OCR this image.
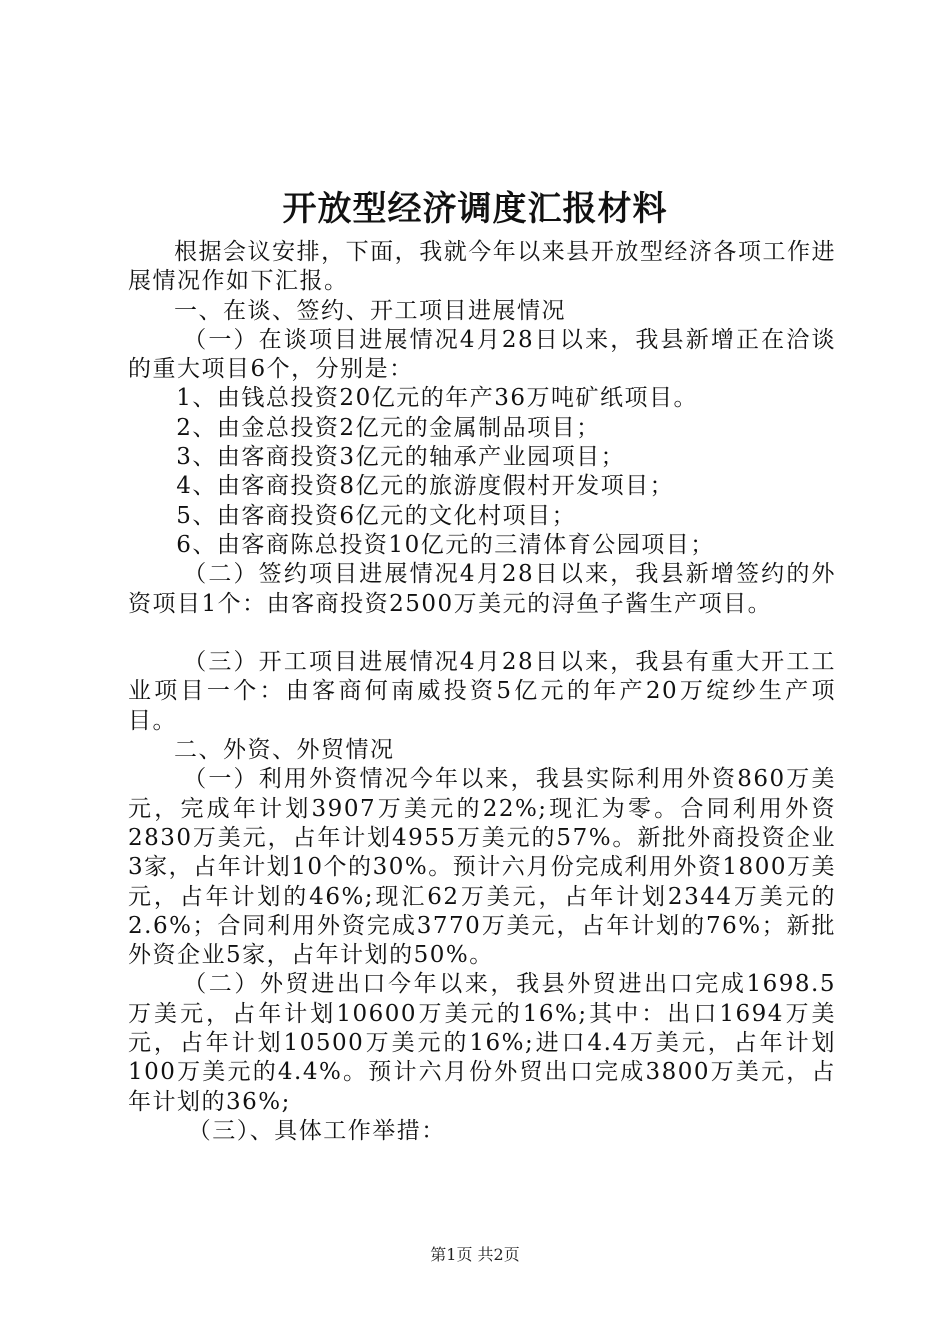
开放型经济调度汇报材料

根据会议安排，下面，我就今年以来县开放型经济各项工作进展情况作如下汇报。

一、在谈、签约、开工项目进展情况

（一）在谈项目进展情况4月28日以来，我县新增正在洽谈的重大项目6个，分别是：

1、由钱总投资20亿元的年产36万吨矿纸项目。

2、由金总投资2亿元的金属制品项目；

3、由客商投资3亿元的轴承产业园项目；

4、由客商投资8亿元的旅游度假村开发项目；

5、由客商投资6亿元的文化村项目；

6、由客商陈总投资10亿元的三清体育公园项目；

（二）签约项目进展情况4月28日以来，我县新增签约的外资项目1个：由客商投资2500万美元的浔鱼子酱生产项目。

（三）开工项目进展情况4月28日以来，我县有重大开工工业项目一个：由客商何南威投资5亿元的年产20万绽纱生产项目。

二、外资、外贸情况

（一）利用外资情况今年以来，我县实际利用外资860万美元，完成年计划3907万美元的22%;现汇为零。合同利用外资2830万美元，占年计划4955万美元的57%。新批外商投资企业3家，占年计划10个的30%。预计六月份完成利用外资1800万美元，占年计划的46%;现汇62万美元，占年计划2344万美元的2.6%；合同利用外资完成3770万美元，占年计划的76%；新批外资企业5家，占年计划的50%。

（二）外贸进出口今年以来，我县外贸进出口完成1698.5万美元，占年计划10600万美元的16%;其中：出口1694万美元，占年计划10500万美元的16%;进口4.4万美元，占年计划100万美元的4.4%。预计六月份外贸出口完成3800万美元，占年计划的36%;

（三）、具体工作举措：

第1页 共2页
